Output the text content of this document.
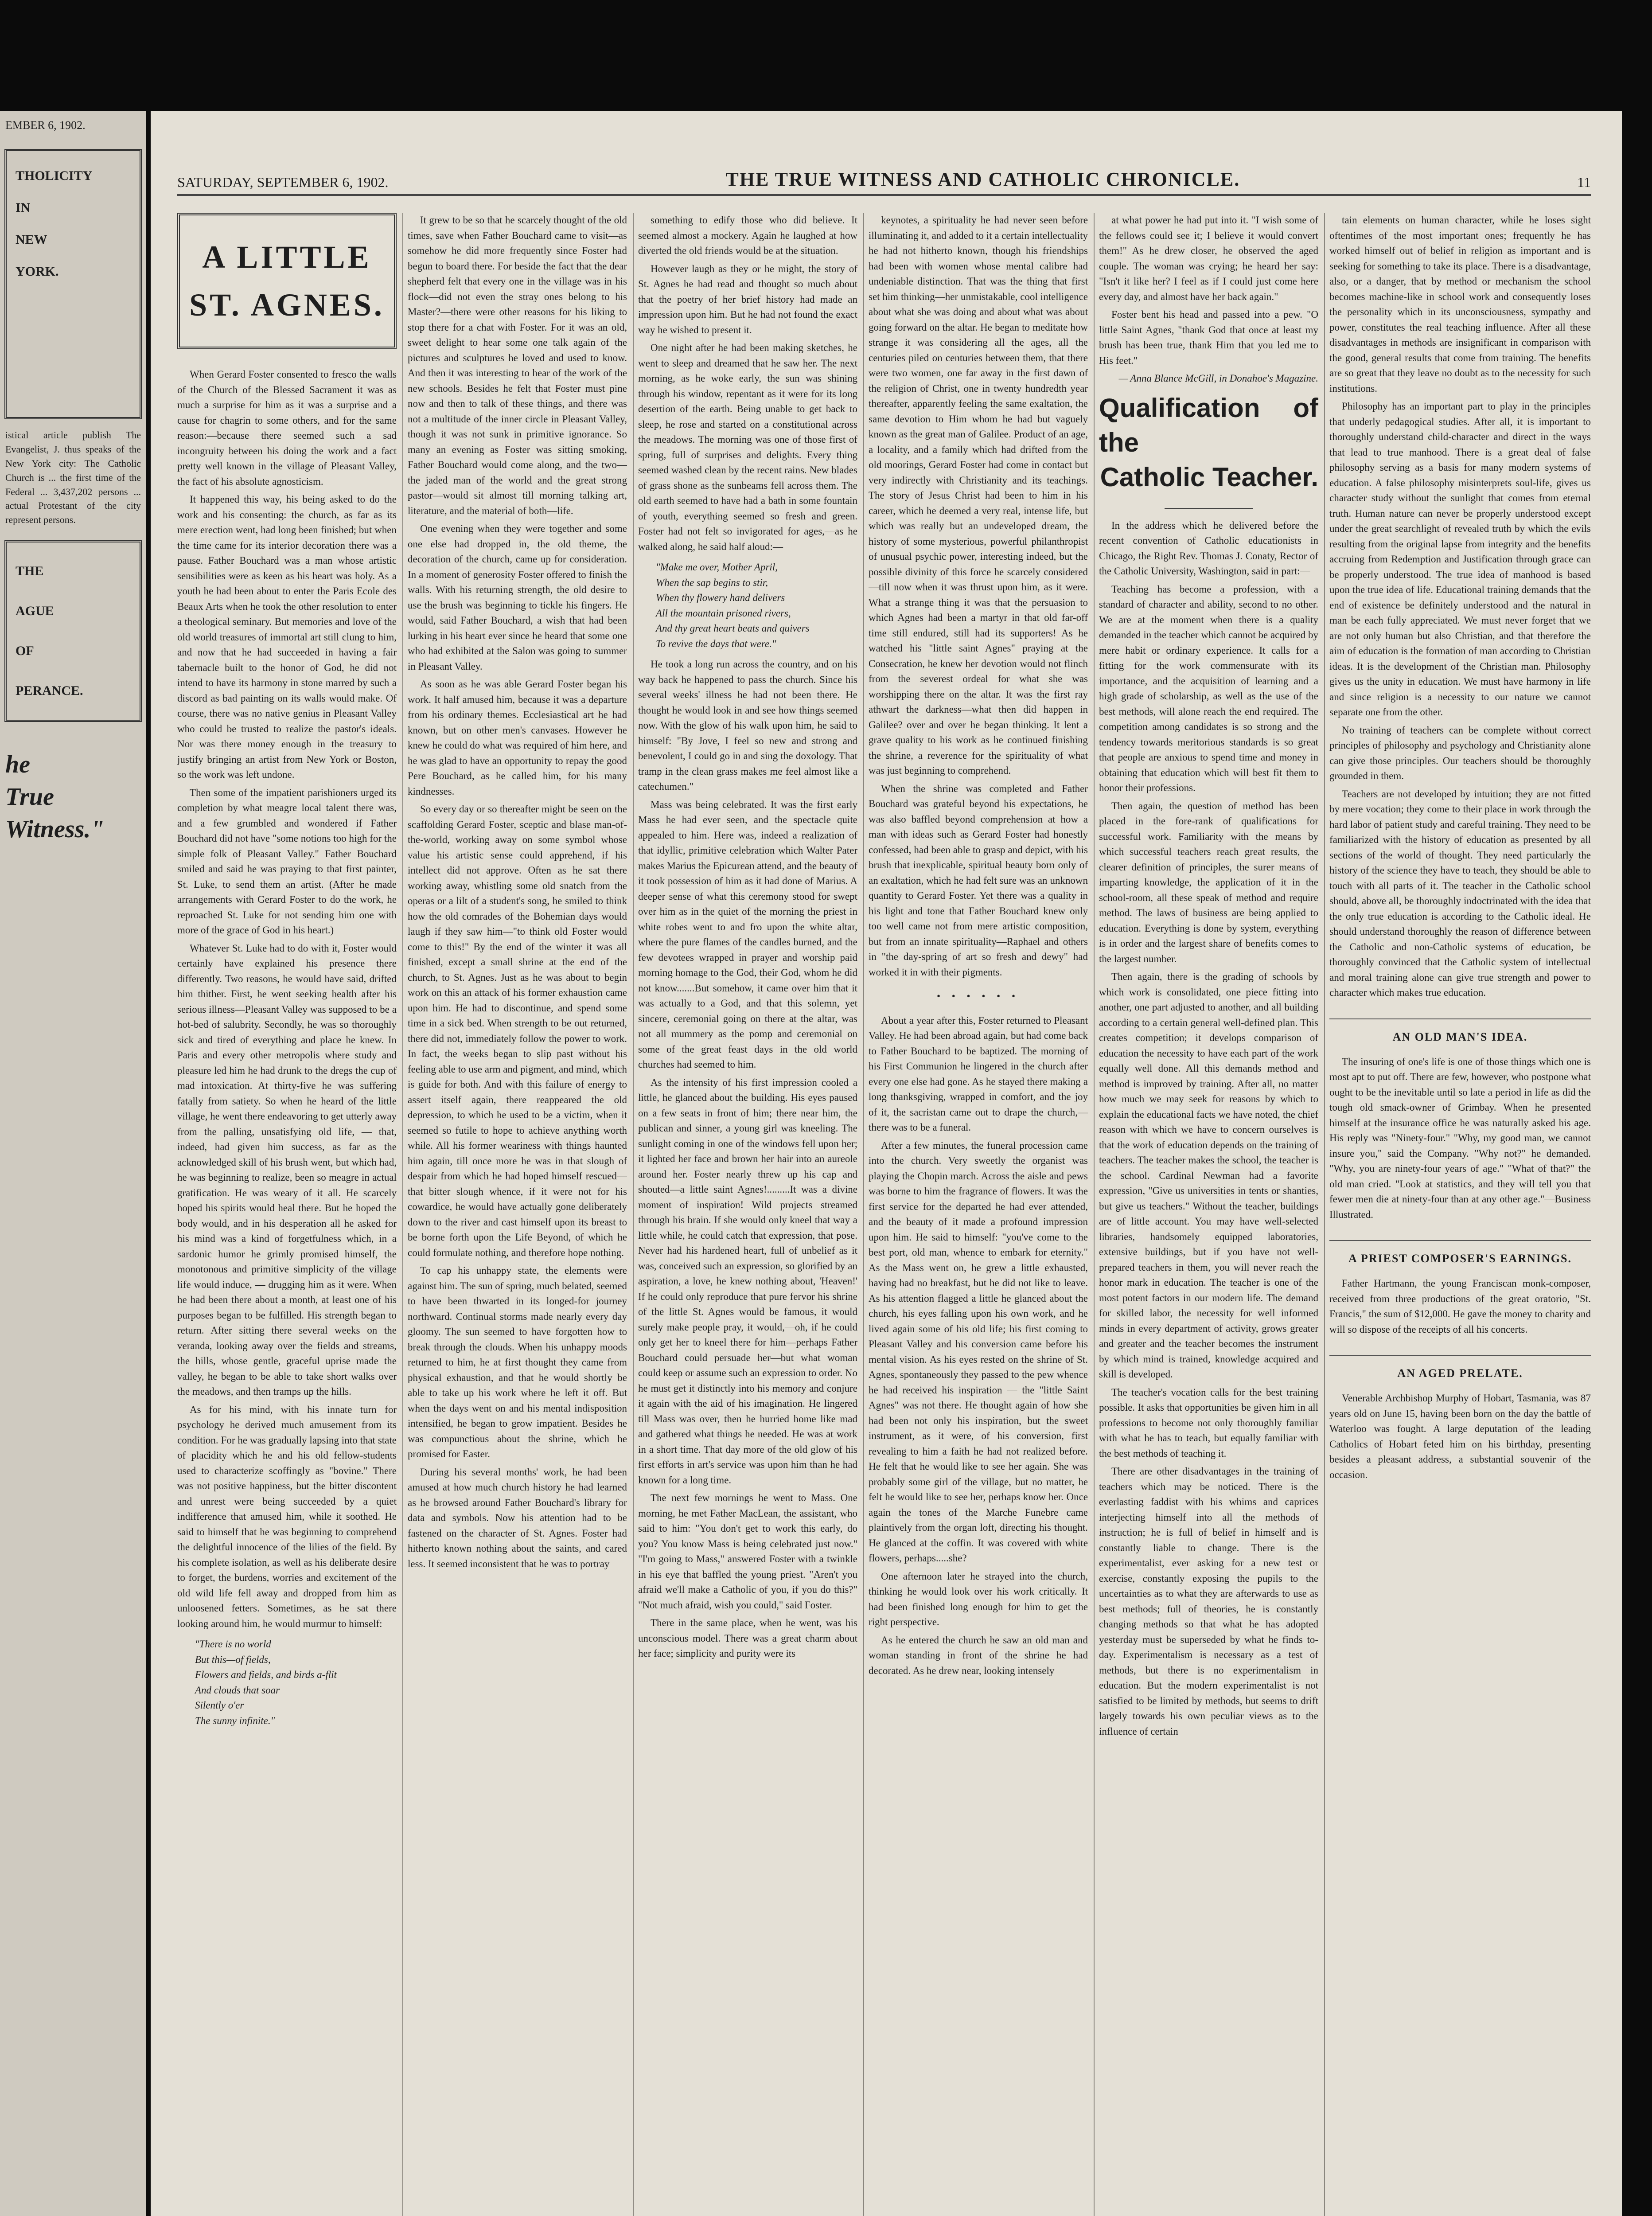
EMBER 6, 1902.
THOLICITY
IN
NEW
YORK.
istical article publish The Evangelist, J. thus speaks of the New York city: The Catholic Church is ... the first time of the Federal ... 3,437,202 persons ... actual Protestant of the city represent persons.
THE
AGUE
OF
PERANCE.
he
True Witness."
SATURDAY, SEPTEMBER 6, 1902.	THE TRUE WITNESS AND CATHOLIC CHRONICLE.	11
A LITTLE ST. AGNES.

When Gerard Foster consented to fresco the walls of the Church of the Blessed Sacrament it was as much a surprise for him as it was a surprise and a cause for chagrin to some others, and for the same reason:—because there seemed such a sad incongruity between his doing the work and a fact pretty well known in the village of Pleasant Valley, the fact of his absolute agnosticism.

It happened this way, his being asked to do the work and his consenting: the church, as far as its mere erection went, had long been finished; but when the time came for its interior decoration there was a pause. Father Bouchard was a man whose artistic sensibilities were as keen as his heart was holy. As a youth he had been about to enter the Paris Ecole des Beaux Arts when he took the other resolution to enter a theological seminary. But memories and love of the old world treasures of immortal art still clung to him, and now that he had succeeded in having a fair tabernacle built to the honor of God, he did not intend to have its harmony in stone marred by such a discord as bad painting on its walls would make. Of course, there was no native genius in Pleasant Valley who could be trusted to realize the pastor's ideals. Nor was there money enough in the treasury to justify bringing an artist from New York or Boston, so the work was left undone.

Then some of the impatient parishioners urged its completion by what meagre local talent there was, and a few grumbled and wondered if Father Bouchard did not have "some notions too high for the simple folk of Pleasant Valley." Father Bouchard smiled and said he was praying to that first painter, St. Luke, to send them an artist. (After he made arrangements with Gerard Foster to do the work, he reproached St. Luke for not sending him one with more of the grace of God in his heart.)

Whatever St. Luke had to do with it, Foster would certainly have explained his presence there differently. Two reasons, he would have said, drifted him thither. First, he went seeking health after his serious illness—Pleasant Valley was supposed to be a hot-bed of salubrity. Secondly, he was so thoroughly sick and tired of everything and place he knew. In Paris and every other metropolis where study and pleasure led him he had drunk to the dregs the cup of mad intoxication. At thirty-five he was suffering fatally from satiety. So when he heard of the little village, he went there endeavoring to get utterly away from the palling, unsatisfying old life, — that, indeed, had given him success, as far as the acknowledged skill of his brush went, but which had, he was beginning to realize, been so meagre in actual gratification. He was weary of it all. He scarcely hoped his spirits would heal there. But he hoped the body would, and in his desperation all he asked for his mind was a kind of forgetfulness which, in a sardonic humor he grimly promised himself, the monotonous and primitive simplicity of the village life would induce, — drugging him as it were. When he had been there about a month, at least one of his purposes began to be fulfilled. His strength began to return. After sitting there several weeks on the veranda, looking away over the fields and streams, the hills, whose gentle, graceful uprise made the valley, he began to be able to take short walks over the meadows, and then tramps up the hills.

As for his mind, with his innate turn for psychology he derived much amusement from its condition. For he was gradually lapsing into that state of placidity which he and his old fellow-students used to characterize scoffingly as "bovine." There was not positive happiness, but the bitter discontent and unrest were being succeeded by a quiet indifference that amused him, while it soothed. He said to himself that he was beginning to comprehend the delightful innocence of the lilies of the field. By his complete isolation, as well as his deliberate desire to forget, the burdens, worries and excitement of the old wild life fell away and dropped from him as unloosened fetters. Sometimes, as he sat there looking around him, he would murmur to himself:

"There is no world
But this—of fields,
Flowers and fields, and birds a-flit
And clouds that soar
Silently o'er
The sunny infinite."

It grew to be so that he scarcely thought of the old times, save when Father Bouchard came to visit—as somehow he did more frequently since Foster had begun to board there. For beside the fact that the dear shepherd felt that every one in the village was in his flock—did not even the stray ones belong to his Master?—there were other reasons for his liking to stop there for a chat with Foster. For it was an old, sweet delight to hear some one talk again of the pictures and sculptures he loved and used to know. And then it was interesting to hear of the work of the new schools. Besides he felt that Foster must pine now and then to talk of these things, and there was not a multitude of the inner circle in Pleasant Valley, though it was not sunk in primitive ignorance. So many an evening as Foster was sitting smoking, Father Bouchard would come along, and the two—the jaded man of the world and the great strong pastor—would sit almost till morning talking art, literature, and the material of both—life.

One evening when they were together and some one else had dropped in, the old theme, the decoration of the church, came up for consideration. In a moment of generosity Foster offered to finish the walls. With his returning strength, the old desire to use the brush was beginning to tickle his fingers. He would, said Father Bouchard, a wish that had been lurking in his heart ever since he heard that some one who had exhibited at the Salon was going to summer in Pleasant Valley.

As soon as he was able Gerard Foster began his work. It half amused him, because it was a departure from his ordinary themes. Ecclesiastical art he had known, but on other men's canvases. However he knew he could do what was required of him here, and he was glad to have an opportunity to repay the good Pere Bouchard, as he called him, for his many kindnesses.

So every day or so thereafter might be seen on the scaffolding Gerard Foster, sceptic and blase man-of-the-world, working away on some symbol whose value his artistic sense could apprehend, if his intellect did not approve. Often as he sat there working away, whistling some old snatch from the operas or a lilt of a student's song, he smiled to think how the old comrades of the Bohemian days would laugh if they saw him—"to think old Foster would come to this!" By the end of the winter it was all finished, except a small shrine at the end of the church, to St. Agnes. Just as he was about to begin work on this an attack of his former exhaustion came upon him. He had to discontinue, and spend some time in a sick bed. When strength to be out returned, there did not, immediately follow the power to work. In fact, the weeks began to slip past without his feeling able to use arm and pigment, and mind, which is guide for both. And with this failure of energy to assert itself again, there reappeared the old depression, to which he used to be a victim, when it seemed so futile to hope to achieve anything worth while. All his former weariness with things haunted him again, till once more he was in that slough of despair from which he had hoped himself rescued—that bitter slough whence, if it were not for his cowardice, he would have actually gone deliberately down to the river and cast himself upon its breast to be borne forth upon the Life Beyond, of which he could formulate nothing, and therefore hope nothing.

To cap his unhappy state, the elements were against him. The sun of spring, much belated, seemed to have been thwarted in its longed-for journey northward. Continual storms made nearly every day gloomy. The sun seemed to have forgotten how to break through the clouds. When his unhappy moods returned to him, he at first thought they came from physical exhaustion, and that he would shortly be able to take up his work where he left it off. But when the days went on and his mental indisposition intensified, he began to grow impatient. Besides he was compunctious about the shrine, which he promised for Easter.

During his several months' work, he had been amused at how much church history he had learned as he browsed around Father Bouchard's library for data and symbols. Now his attention had to be fastened on the character of St. Agnes. Foster had hitherto known nothing about the saints, and cared less. It seemed inconsistent that he was to portray

something to edify those who did believe. It seemed almost a mockery. Again he laughed at how diverted the old friends would be at the situation.

However laugh as they or he might, the story of St. Agnes he had read and thought so much about that the poetry of her brief history had made an impression upon him. But he had not found the exact way he wished to present it.

One night after he had been making sketches, he went to sleep and dreamed that he saw her. The next morning, as he woke early, the sun was shining through his window, repentant as it were for its long desertion of the earth. Being unable to get back to sleep, he rose and started on a constitutional across the meadows. The morning was one of those first of spring, full of surprises and delights. Every thing seemed washed clean by the recent rains. New blades of grass shone as the sunbeams fell across them. The old earth seemed to have had a bath in some fountain of youth, everything seemed so fresh and green. Foster had not felt so invigorated for ages,—as he walked along, he said half aloud:—

"Make me over, Mother April,
When the sap begins to stir,
When thy flowery hand delivers
All the mountain prisoned rivers,
And thy great heart beats and quivers
To revive the days that were."

He took a long run across the country, and on his way back he happened to pass the church. Since his several weeks' illness he had not been there. He thought he would look in and see how things seemed now. With the glow of his walk upon him, he said to himself: "By Jove, I feel so new and strong and benevolent, I could go in and sing the doxology. That tramp in the clean grass makes me feel almost like a catechumen."

Mass was being celebrated. It was the first early Mass he had ever seen, and the spectacle quite appealed to him. Here was, indeed a realization of that idyllic, primitive celebration which Walter Pater makes Marius the Epicurean attend, and the beauty of it took possession of him as it had done of Marius. A deeper sense of what this ceremony stood for swept over him as in the quiet of the morning the priest in white robes went to and fro upon the white altar, where the pure flames of the candles burned, and the few devotees wrapped in prayer and worship paid morning homage to the God, their God, whom he did not know.......But somehow, it came over him that it was actually to a God, and that this solemn, yet sincere, ceremonial going on there at the altar, was not all mummery as the pomp and ceremonial on some of the great feast days in the old world churches had seemed to him.

As the intensity of his first impression cooled a little, he glanced about the building. His eyes paused on a few seats in front of him; there near him, the publican and sinner, a young girl was kneeling. The sunlight coming in one of the windows fell upon her; it lighted her face and brown her hair into an aureole around her. Foster nearly threw up his cap and shouted—a little saint Agnes!.........It was a divine moment of inspiration! Wild projects streamed through his brain. If she would only kneel that way a little while, he could catch that expression, that pose. Never had his hardened heart, full of unbelief as it was, conceived such an expression, so glorified by an aspiration, a love, he knew nothing about, 'Heaven!' If he could only reproduce that pure fervor his shrine of the little St. Agnes would be famous, it would surely make people pray, it would,—oh, if he could only get her to kneel there for him—perhaps Father Bouchard could persuade her—but what woman could keep or assume such an expression to order. No he must get it distinctly into his memory and conjure it again with the aid of his imagination. He lingered till Mass was over, then he hurried home like mad and gathered what things he needed. He was at work in a short time. That day more of the old glow of his first efforts in art's service was upon him than he had known for a long time.

The next few mornings he went to Mass. One morning, he met Father MacLean, the assistant, who said to him: "You don't get to work this early, do you? You know Mass is being celebrated just now." "I'm going to Mass," answered Foster with a twinkle in his eye that baffled the young priest. "Aren't you afraid we'll make a Catholic of you, if you do this?" "Not much afraid, wish you could," said Foster.

There in the same place, when he went, was his unconscious model. There was a great charm about her face; simplicity and purity were its

keynotes, a spirituality he had never seen before illuminating it, and added to it a certain intellectuality he had not hitherto known, though his friendships had been with women whose mental calibre had undeniable distinction. That was the thing that first set him thinking—her unmistakable, cool intelligence about what she was doing and about what was about going forward on the altar. He began to meditate how strange it was considering all the ages, all the centuries piled on centuries between them, that there were two women, one far away in the first dawn of the religion of Christ, one in twenty hundredth year thereafter, apparently feeling the same exaltation, the same devotion to Him whom he had but vaguely known as the great man of Galilee. Product of an age, a locality, and a family which had drifted from the old moorings, Gerard Foster had come in contact but very indirectly with Christianity and its teachings. The story of Jesus Christ had been to him in his career, which he deemed a very real, intense life, but which was really but an undeveloped dream, the history of some mysterious, powerful philanthropist of unusual psychic power, interesting indeed, but the possible divinity of this force he scarcely considered—till now when it was thrust upon him, as it were. What a strange thing it was that the persuasion to which Agnes had been a martyr in that old far-off time still endured, still had its supporters! As he watched his "little saint Agnes" praying at the Consecration, he knew her devotion would not flinch from the severest ordeal for what she was worshipping there on the altar. It was the first ray athwart the darkness—what then did happen in Galilee? over and over he began thinking. It lent a grave quality to his work as he continued finishing the shrine, a reverence for the spirituality of what was just beginning to comprehend.

When the shrine was completed and Father Bouchard was grateful beyond his expectations, he was also baffled beyond comprehension at how a man with ideas such as Gerard Foster had honestly confessed, had been able to grasp and depict, with his brush that inexplicable, spiritual beauty born only of an exaltation, which he had felt sure was an unknown quantity to Gerard Foster. Yet there was a quality in his light and tone that Father Bouchard knew only too well came not from mere artistic composition, but from an innate spirituality—Raphael and others in "the day-spring of art so fresh and dewy" had worked it in with their pigments.

• • • • • •

About a year after this, Foster returned to Pleasant Valley. He had been abroad again, but had come back to Father Bouchard to be baptized. The morning of his First Communion he lingered in the church after every one else had gone. As he stayed there making a long thanksgiving, wrapped in comfort, and the joy of it, the sacristan came out to drape the church,—there was to be a funeral.

After a few minutes, the funeral procession came into the church. Very sweetly the organist was playing the Chopin march. Across the aisle and pews was borne to him the fragrance of flowers. It was the first service for the departed he had ever attended, and the beauty of it made a profound impression upon him. He said to himself: "you've come to the best port, old man, whence to embark for eternity." As the Mass went on, he grew a little exhausted, having had no breakfast, but he did not like to leave. As his attention flagged a little he glanced about the church, his eyes falling upon his own work, and he lived again some of his old life; his first coming to Pleasant Valley and his conversion came before his mental vision. As his eyes rested on the shrine of St. Agnes, spontaneously they passed to the pew whence he had received his inspiration — the "little Saint Agnes" was not there. He thought again of how she had been not only his inspiration, but the sweet instrument, as it were, of his conversion, first revealing to him a faith he had not realized before. He felt that he would like to see her again. She was probably some girl of the village, but no matter, he felt he would like to see her, perhaps know her. Once again the tones of the Marche Funebre came plaintively from the organ loft, directing his thought. He glanced at the coffin. It was covered with white flowers, perhaps.....she?

One afternoon later he strayed into the church, thinking he would look over his work critically. It had been finished long enough for him to get the right perspective.

As he entered the church he saw an old man and woman standing in front of the shrine he had decorated. As he drew near, looking intensely

at what power he had put into it. "I wish some of the fellows could see it; I believe it would convert them!" As he drew closer, he observed the aged couple. The woman was crying; he heard her say: "Isn't it like her? I feel as if I could just come here every day, and almost have her back again."

Foster bent his head and passed into a pew. "O little Saint Agnes, "thank God that once at least my brush has been true, thank Him that you led me to His feet."

— Anna Blance McGill, in Donahoe's Magazine.
Qualification of the
Catholic Teacher.

In the address which he delivered before the recent convention of Catholic educationists in Chicago, the Right Rev. Thomas J. Conaty, Rector of the Catholic University, Washington, said in part:—

Teaching has become a profession, with a standard of character and ability, second to no other. We are at the moment when there is a quality demanded in the teacher which cannot be acquired by mere habit or ordinary experience. It calls for a fitting for the work commensurate with its importance, and the acquisition of learning and a high grade of scholarship, as well as the use of the best methods, will alone reach the end required. The competition among candidates is so strong and the tendency towards meritorious standards is so great that people are anxious to spend time and money in obtaining that education which will best fit them to honor their professions.

Then again, the question of method has been placed in the fore-rank of qualifications for successful work. Familiarity with the means by which successful teachers reach great results, the clearer definition of principles, the surer means of imparting knowledge, the application of it in the school-room, all these speak of method and require method. The laws of business are being applied to education. Everything is done by system, everything is in order and the largest share of benefits comes to the largest number.

Then again, there is the grading of schools by which work is consolidated, one piece fitting into another, one part adjusted to another, and all building according to a certain general well-defined plan. This creates competition; it develops comparison of education the necessity to have each part of the work equally well done. All this demands method and method is improved by training. After all, no matter how much we may seek for reasons by which to explain the educational facts we have noted, the chief reason with which we have to concern ourselves is that the work of education depends on the training of teachers. The teacher makes the school, the teacher is the school. Cardinal Newman had a favorite expression, "Give us universities in tents or shanties, but give us teachers." Without the teacher, buildings are of little account. You may have well-selected libraries, handsomely equipped laboratories, extensive buildings, but if you have not well-prepared teachers in them, you will never reach the honor mark in education. The teacher is one of the most potent factors in our modern life. The demand for skilled labor, the necessity for well informed minds in every department of activity, grows greater and greater and the teacher becomes the instrument by which mind is trained, knowledge acquired and skill is developed.

The teacher's vocation calls for the best training possible. It asks that opportunities be given him in all professions to become not only thoroughly familiar with what he has to teach, but equally familiar with the best methods of teaching it.

There are other disadvantages in the training of teachers which may be noticed. There is the everlasting faddist with his whims and caprices interjecting himself into all the methods of instruction; he is full of belief in himself and is constantly liable to change. There is the experimentalist, ever asking for a new test or exercise, constantly exposing the pupils to the uncertainties as to what they are afterwards to use as best methods; full of theories, he is constantly changing methods so that what he has adopted yesterday must be superseded by what he finds to-day. Experimentalism is necessary as a test of methods, but there is no experimentalism in education. But the modern experimentalist is not satisfied to be limited by methods, but seems to drift largely towards his own peculiar views as to the influence of certain

tain elements on human character, while he loses sight oftentimes of the most important ones; frequently he has worked himself out of belief in religion as important and is seeking for something to take its place. There is a disadvantage, also, or a danger, that by method or mechanism the school becomes machine-like in school work and consequently loses the personality which in its unconsciousness, sympathy and power, constitutes the real teaching influence. After all these disadvantages in methods are insignificant in comparison with the good, general results that come from training. The benefits are so great that they leave no doubt as to the necessity for such institutions.

Philosophy has an important part to play in the principles that underly pedagogical studies. After all, it is important to thoroughly understand child-character and direct in the ways that lead to true manhood. There is a great deal of false philosophy serving as a basis for many modern systems of education. A false philosophy misinterprets soul-life, gives us character study without the sunlight that comes from eternal truth. Human nature can never be properly understood except under the great searchlight of revealed truth by which the evils resulting from the original lapse from integrity and the benefits accruing from Redemption and Justification through grace can be properly understood. The true idea of manhood is based upon the true idea of life. Educational training demands that the end of existence be definitely understood and the natural in man be each fully appreciated. We must never forget that we are not only human but also Christian, and that therefore the aim of education is the formation of man according to Christian ideas. It is the development of the Christian man. Philosophy gives us the unity in education. We must have harmony in life and since religion is a necessity to our nature we cannot separate one from the other.

No training of teachers can be complete without correct principles of philosophy and psychology and Christianity alone can give those principles. Our teachers should be thoroughly grounded in them.

Teachers are not developed by intuition; they are not fitted by mere vocation; they come to their place in work through the hard labor of patient study and careful training. They need to be familiarized with the history of education as presented by all sections of the world of thought. They need particularly the history of the science they have to teach, they should be able to touch with all parts of it. The teacher in the Catholic school should, above all, be thoroughly indoctrinated with the idea that the only true education is according to the Catholic ideal. He should understand thoroughly the reason of difference between the Catholic and non-Catholic systems of education, be thoroughly convinced that the Catholic system of intellectual and moral training alone can give true strength and power to character which makes true education.

AN OLD MAN'S IDEA.

The insuring of one's life is one of those things which one is most apt to put off. There are few, however, who postpone what ought to be the inevitable until so late a period in life as did the tough old smack-owner of Grimbay. When he presented himself at the insurance office he was naturally asked his age. His reply was "Ninety-four." "Why, my good man, we cannot insure you," said the Company. "Why not?" he demanded. "Why, you are ninety-four years of age." "What of that?" the old man cried. "Look at statistics, and they will tell you that fewer men die at ninety-four than at any other age."—Business Illustrated.

A PRIEST COMPOSER'S EARNINGS.

Father Hartmann, the young Franciscan monk-composer, received from three productions of the great oratorio, "St. Francis," the sum of $12,000. He gave the money to charity and will so dispose of the receipts of all his concerts.

AN AGED PRELATE.

Venerable Archbishop Murphy of Hobart, Tasmania, was 87 years old on June 15, having been born on the day the battle of Waterloo was fought. A large deputation of the leading Catholics of Hobart feted him on his birthday, presenting besides a pleasant address, a substantial souvenir of the occasion.
